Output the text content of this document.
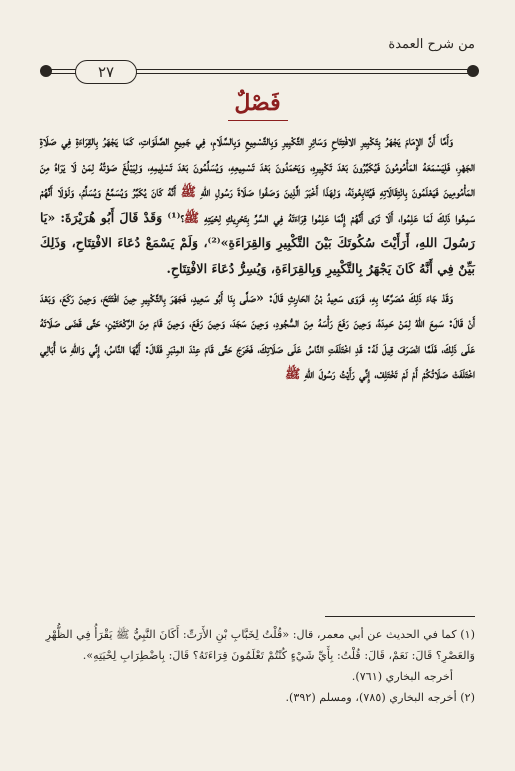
من شرح العمدة
٢٧
فَصْلٌ

وَأَمَّا أَنَّ الإِمَامَ يَجْهَرُ بِتَكْبِيرِ الافْتِتَاحِ وَسَائِرِ التَّكْبِيرِ وَبِالتَّسْمِيعِ وَبِالسَّلَامِ، فِي جَمِيعِ الصَّلَوَاتِ، كَمَا يَجْهَرُ بِالقِرَاءَةِ فِي صَلَاةِ الجَهْرِ، فَلِيَسْمَعَهُ المَأْمُومُونَ فَيُكَبِّرُونَ بَعْدَ تَكْبِيرِهِ، وَيَحْمَدُونَ بَعْدَ تَسْمِيعِهِ، وَيُسَلِّمُونَ بَعْدَ تَسْلِيمِهِ، وَلِيَبْلُغَ صَوْتُهُ لِمَنْ لَا يَرَاهُ مِنَ المَأْمُومِينَ فَيَعْلَمُونَ بِانْتِقَالَاتِهِ فَيُتَابِعُونَهُ، وَلِهَذَا أَخْبَرَ الَّذِينَ وَصَفُوا صَلَاةَ رَسُولِ اللهِ ﷺ أَنَّهُ كَانَ يُكَبِّرُ وَيُسَمِّعُ وَيُسَلِّمُ، وَلَوْلَا أَنَّهُمْ سَمِعُوا ذَلِكَ لَمَا عَلِمُوا، أَلَا تَرَى أَنَّهُمْ إِنَّمَا عَلِمُوا قِرَاءَتَهُ فِي السِّرِّ بِتَحْرِيكِ لِحْيَتِهِ ﷺ؟⁽¹⁾ وَقَدْ قَالَ أَبُو هُرَيْرَةَ: «يَا رَسُولَ اللهِ، أَرَأَيْتَ سُكُوتَكَ بَيْنَ التَّكْبِيرِ وَالقِرَاءَةِ»⁽²⁾، وَلَمْ يَسْمَعْ دُعَاءَ الافْتِتَاحِ، وَذَلِكَ بَيِّنٌ فِي أَنَّهُ كَانَ يَجْهَرُ بِالتَّكْبِيرِ وَبِالقِرَاءَةِ، وَيُسِرُّ دُعَاءَ الافْتِتَاحِ.

وَقَدْ جَاءَ ذَلِكَ مُصَرَّحًا بِهِ، فَرَوَى سَعِيدُ بْنُ الحَارِثِ قَالَ: «صَلَّى بِنَا أَبُو سَعِيدٍ، فَجَهَرَ بِالتَّكْبِيرِ حِينَ افْتَتَحَ، وَحِينَ رَكَعَ، وَبَعْدَ أَنْ قَالَ: سَمِعَ اللهُ لِمَنْ حَمِدَهُ، وَحِينَ رَفَعَ رَأْسَهُ مِنَ السُّجُودِ، وَحِينَ سَجَدَ، وَحِينَ رَفَعَ، وَحِينَ قَامَ مِنَ الرَّكْعَتَيْنِ، حَتَّى قَضَى صَلَاتَهُ عَلَى ذَلِكَ، فَلَمَّا انْصَرَفَ قِيلَ لَهُ: قَدِ اخْتَلَفَتِ النَّاسُ عَلَى صَلَاتِكَ، فَخَرَجَ حَتَّى قَامَ عِنْدَ المِنْبَرِ فَقَالَ: أَيُّهَا النَّاسُ، إِنِّي وَاللهِ مَا أُبَالِي اخْتَلَفَتْ صَلَاتُكُمْ أَمْ لَمْ تَخْتَلِفْ، إِنِّي رَأَيْتُ رَسُولَ اللهِ ﷺ

(١) كما في الحديث عن أبي معمر، قال: «قُلْتُ لِخَبَّابِ بْنِ الأَرَتِّ: أَكَانَ النَّبِيُّ ﷺ يَقْرَأُ فِي الظُّهْرِ وَالعَصْرِ؟ قَالَ: نَعَمْ، قَالَ: قُلْتُ: بِأَيِّ شَيْءٍ كُنْتُمْ تَعْلَمُونَ قِرَاءَتَهُ؟ قَالَ: بِاضْطِرَابِ لِحْيَتِهِ».

أخرجه البخاري (٧٦١).

(٢) أخرجه البخاري (٧٨٥)، ومسلم (٣٩٢).
